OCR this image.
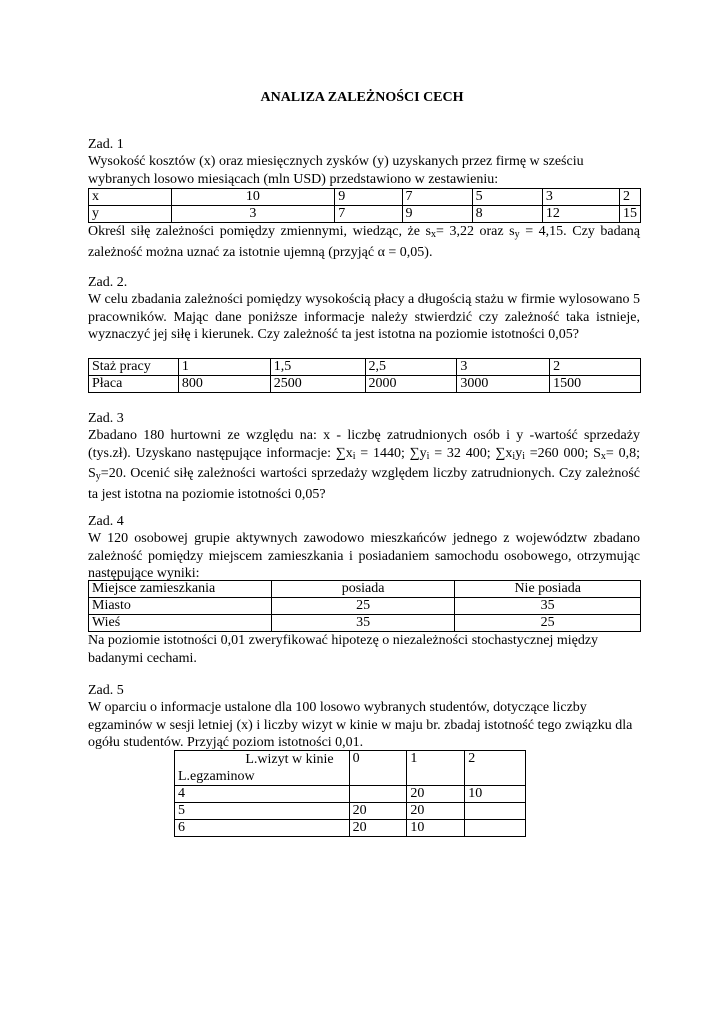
ANALIZA ZALEŻNOŚCI CECH
Zad. 1
Wysokość kosztów (x) oraz miesięcznych zysków (y) uzyskanych przez firmę w sześciu wybranych losowo miesiącach (mln USD) przedstawiono w zestawieniu:
x	10	9	7	5	3	2
y	3	7	9	8	12	15
Określ siłę zależności pomiędzy zmiennymi, wiedząc, że $s_x= 3,22$ oraz $s_y = 4,15$. Czy badaną zależność można uznać za istotnie ujemną (przyjąć α = 0,05).
Zad. 2.
W celu zbadania zależności pomiędzy wysokością płacy a długością stażu w firmie wylosowano 5 pracowników. Mając dane poniższe informacje należy stwierdzić czy zależność taka istnieje, wyznaczyć jej siłę i kierunek. Czy zależność ta jest istotna na poziomie istotności 0,05?
Staż pracy	1	1,5	2,5	3	2
Płaca	800	2500	2000	3000	1500
Zad. 3
Zbadano 180 hurtowni ze względu na: x - liczbę zatrudnionych osób i y -wartość sprzedaży (tys.zł). Uzyskano następujące informacje: $\sum x_i = 1440$; $\sum y_i = 32$ 400; $\sum x_iy_i =260$ 000; $S_x= 0,8$; $S_y=20$. Ocenić siłę zależności wartości sprzedaży względem liczby zatrudnionych. Czy zależność ta jest istotna na poziomie istotności 0,05?
Zad. 4
W 120 osobowej grupie aktywnych zawodowo mieszkańców jednego z województw zbadano zależność pomiędzy miejscem zamieszkania i posiadaniem samochodu osobowego, otrzymując następujące wyniki:
Miejsce zamieszkania	posiada	Nie posiada
Miasto	25	35
Wieś	35	25
Na poziomie istotności 0,01 zweryfikować hipotezę o niezależności stochastycznej między badanymi cechami.
Zad. 5
W oparciu o informacje ustalone dla 100 losowo wybranych studentów, dotyczące liczby egzaminów w sesji letniej (x) i liczby wizyt w kinie w maju br. zbadaj istotność tego związku dla ogółu studentów. Przyjąć poziom istotności 0,01.
L.wizyt w kinie
L.egzaminow	0	1	2
4		20	10
5	20	20	
6	20	10	
